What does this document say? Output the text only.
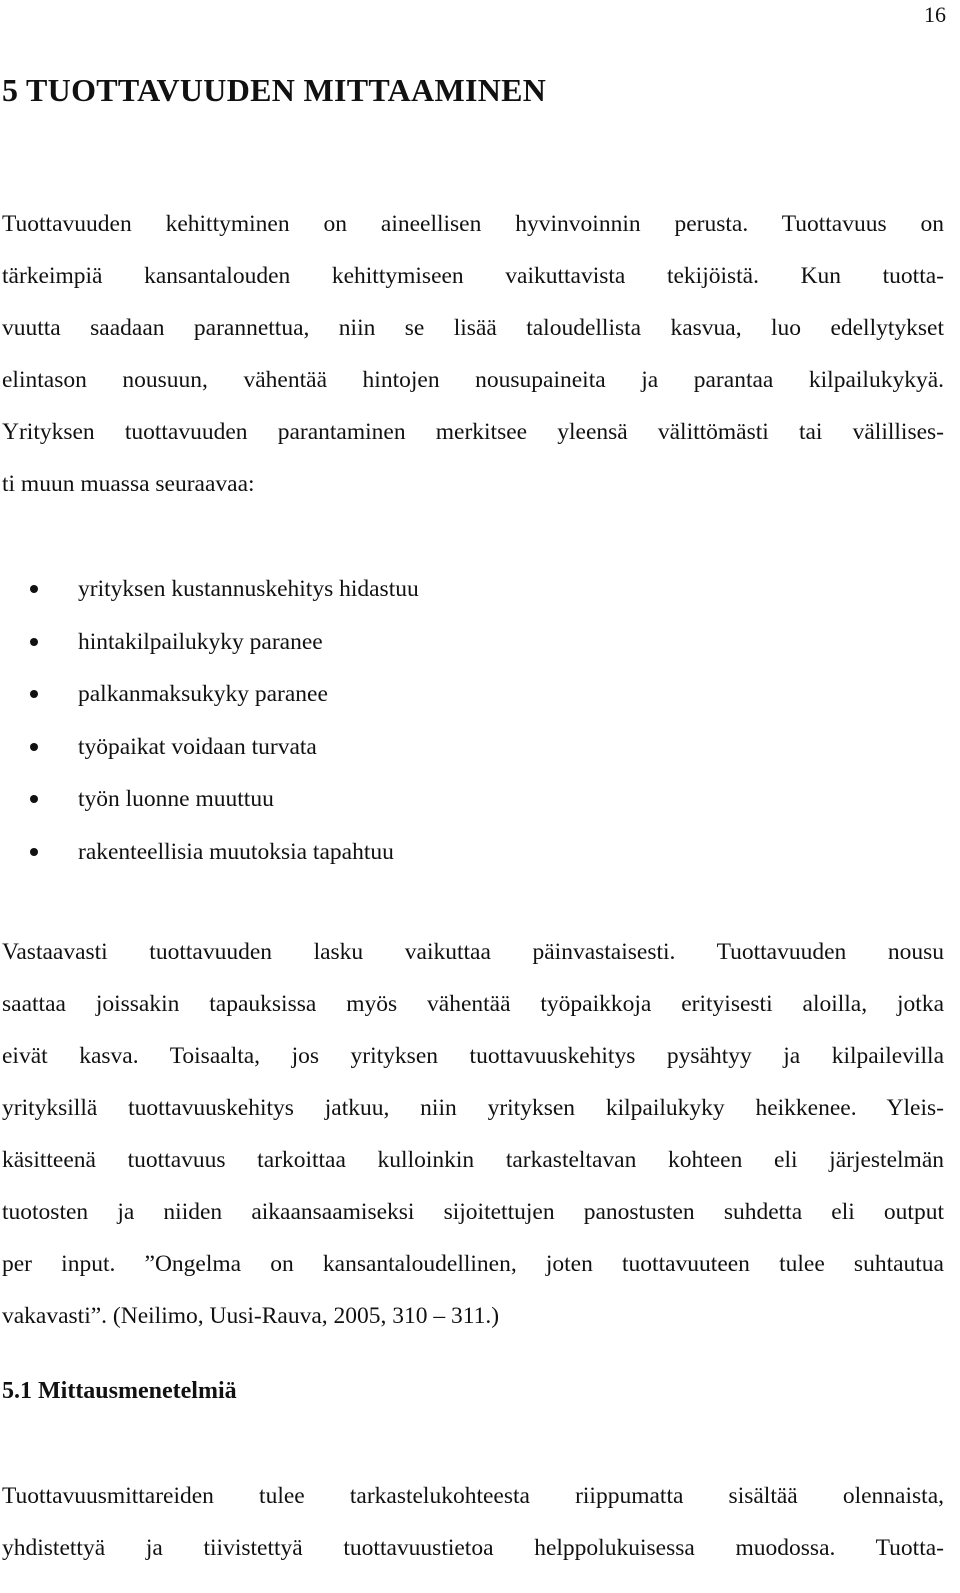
16
5 TUOTTAVUUDEN MITTAAMINEN
Tuottavuuden kehittyminen on aineellisen hyvinvoinnin perusta. Tuottavuus on
tärkeimpiä kansantalouden kehittymiseen vaikuttavista tekijöistä. Kun tuotta-
vuutta saadaan parannettua, niin se lisää taloudellista kasvua, luo edellytykset
elintason nousuun, vähentää hintojen nousupaineita ja parantaa kilpailukykyä.
Yrityksen tuottavuuden parantaminen merkitsee yleensä välittömästi tai välillises-
ti muun muassa seuraavaa:
yrityksen kustannuskehitys hidastuu
hintakilpailukyky paranee
palkanmaksukyky paranee
työpaikat voidaan turvata
työn luonne muuttuu
rakenteellisia muutoksia tapahtuu
Vastaavasti tuottavuuden lasku vaikuttaa päinvastaisesti. Tuottavuuden nousu
saattaa joissakin tapauksissa myös vähentää työpaikkoja erityisesti aloilla, jotka
eivät kasva. Toisaalta, jos yrityksen tuottavuuskehitys pysähtyy ja kilpailevilla
yrityksillä tuottavuuskehitys jatkuu, niin yrityksen kilpailukyky heikkenee. Yleis-
käsitteenä tuottavuus tarkoittaa kulloinkin tarkasteltavan kohteen eli järjestelmän
tuotosten ja niiden aikaansaamiseksi sijoitettujen panostusten suhdetta eli output
per input. ”Ongelma on kansantaloudellinen, joten tuottavuuteen tulee suhtautua
vakavasti”. (Neilimo, Uusi-Rauva, 2005, 310 – 311.)
5.1 Mittausmenetelmiä
Tuottavuusmittareiden tulee tarkastelukohteesta riippumatta sisältää olennaista,
yhdistettyä ja tiivistettyä tuottavuustietoa helppolukuisessa muodossa. Tuotta-
